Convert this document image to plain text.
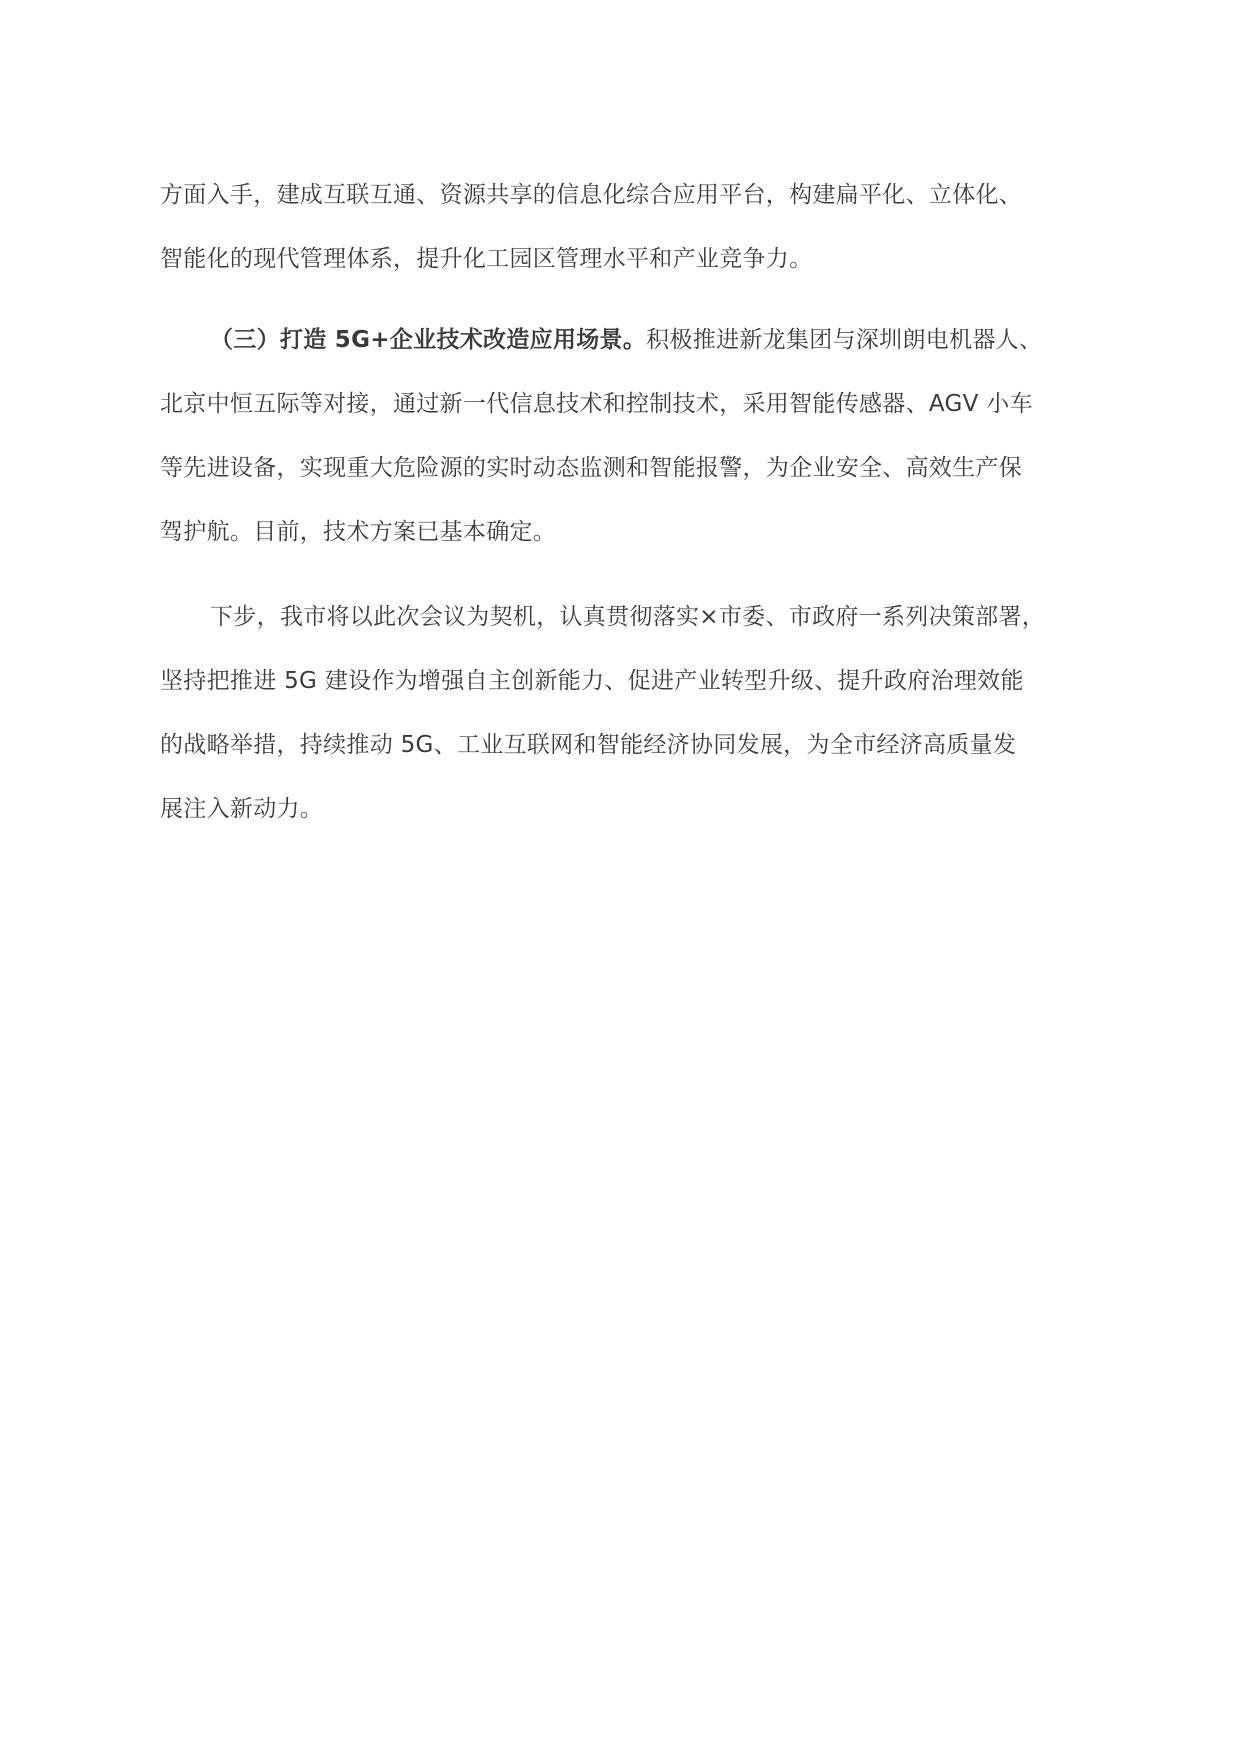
方面入手，建成互联互通、资源共享的信息化综合应用平台，构建扁平化、立体化、
智能化的现代管理体系，提升化工园区管理水平和产业竞争力。
（三）打造 5G+企业技术改造应用场景。积极推进新龙集团与深圳朗电机器人、
北京中恒五际等对接，通过新一代信息技术和控制技术，采用智能传感器、AGV 小车
等先进设备，实现重大危险源的实时动态监测和智能报警，为企业安全、高效生产保
驾护航。目前，技术方案已基本确定。
下步，我市将以此次会议为契机，认真贯彻落实×市委、市政府一系列决策部署，
坚持把推进 5G 建设作为增强自主创新能力、促进产业转型升级、提升政府治理效能
的战略举措，持续推动 5G、工业互联网和智能经济协同发展，为全市经济高质量发
展注入新动力。
